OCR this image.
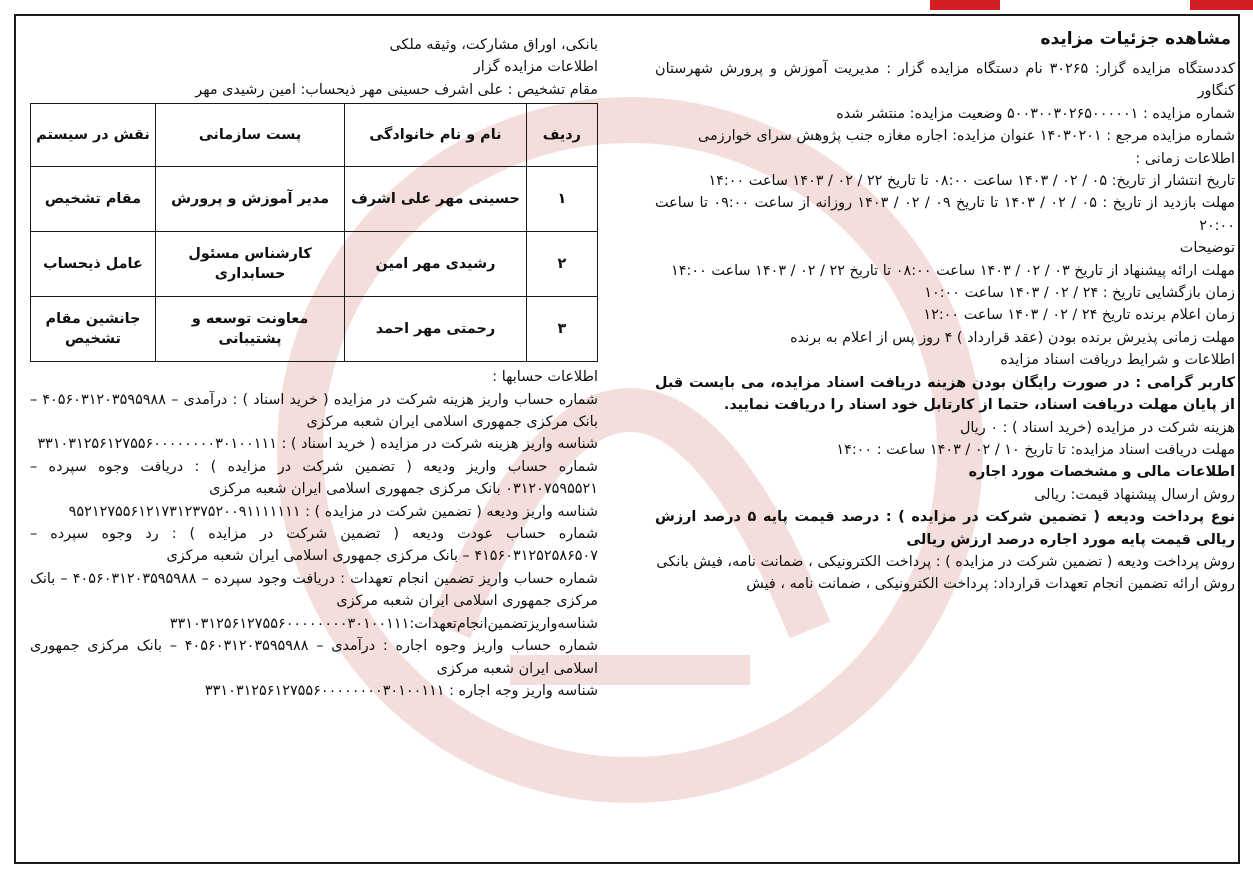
مشاهده جزئیات مزایده

کددستگاه مزایده گزار: ۳۰۲۶۵ نام دستگاه مزایده گزار : مدیریت آموزش و پرورش شهرستان کنگاور

شماره مزایده : ۵۰۰۳۰۰۳۰۲۶۵۰۰۰۰۰۱ وضعیت مزایده: منتشر شده

شماره مزایده مرجع : ۱۴۰۳۰۲۰۱ عنوان مزایده: اجاره مغازه جنب پژوهش سرای خوارزمی

اطلاعات زمانی :

تاریخ انتشار از تاریخ: ۰۵ / ۰۲ / ۱۴۰۳ ساعت ۰۸:۰۰ تا تاریخ ۲۲ / ۰۲ / ۱۴۰۳ ساعت ۱۴:۰۰

مهلت بازدید از تاریخ : ۰۵ / ۰۲ / ۱۴۰۳ تا تاریخ ۰۹ / ۰۲ / ۱۴۰۳ روزانه از ساعت ۰۹:۰۰ تا ساعت ۲۰:۰۰

توضیحات

مهلت ارائه پیشنهاد از تاریخ ۰۳ / ۰۲ / ۱۴۰۳ ساعت ۰۸:۰۰ تا تاریخ ۲۲ / ۰۲ / ۱۴۰۳ ساعت ۱۴:۰۰

زمان بازگشایی تاریخ : ۲۴ / ۰۲ / ۱۴۰۳ ساعت ۱۰:۰۰

زمان اعلام برنده تاریخ ۲۴ / ۰۲ / ۱۴۰۳ ساعت ۱۲:۰۰

مهلت زمانی پذیرش برنده بودن (عقد قرارداد ) ۴ روز پس از اعلام به برنده

اطلاعات و شرایط دریافت اسناد مزایده

کاربر گرامی : در صورت رایگان بودن هزینه دریافت اسناد مزایده، می بایست قبل از پایان مهلت دریافت اسناد، حتما از کارتابل خود اسناد را دریافت نمایید.

هزینه شرکت در مزایده (خرید اسناد ) : ۰ ریال

مهلت دریافت اسناد مزایده: تا تاریخ ۱۰ / ۰۲ / ۱۴۰۳ ساعت : ۱۴:۰۰

اطلاعات مالی و مشخصات مورد اجاره

روش ارسال پیشنهاد قیمت: ریالی

نوع پرداخت ودیعه ( تضمین شرکت در مزایده ) : درصد قیمت پایه ۵ درصد ارزش ریالی قیمت پایه مورد اجاره درصد ارزش ریالی

روش پرداخت ودیعه ( تضمین شرکت در مزایده ) : پرداخت الکترونیکی ، ضمانت نامه، فیش بانکی

روش ارائه تضمین انجام تعهدات قرارداد: پرداخت الکترونیکی ، ضمانت نامه ، فیش

بانکی، اوراق مشارکت، وثیقه ملکی

اطلاعات مزایده گزار

مقام تشخیص : علی اشرف حسینی مهر ذیحساب: امین رشیدی مهر

ردیف	نام و نام خانوادگی	پست سازمانی	نقش در سیستم
۱	حسینی مهر علی اشرف	مدیر آموزش و پرورش	مقام تشخیص
۲	رشیدی مهر امین	کارشناس مسئول حسابداری	عامل ذیحساب
۳	رحمتی مهر احمد	معاونت توسعه و پشتیبانی	جانشین مقام تشخیص

اطلاعات حسابها :

شماره حساب واریز هزینه شرکت در مزایده ( خرید اسناد ) : درآمدی – ۴۰۵۶۰۳۱۲۰۳۵۹۵۹۸۸ – بانک مرکزی جمهوری اسلامی ایران شعبه مرکزی

شناسه واریز هزینه شرکت در مزایده ( خرید اسناد ) : ۳۳۱۰۳۱۲۵۶۱۲۷۵۵۶۰۰۰۰۰۰۰۰۳۰۱۰۰۱۱۱

شماره حساب واریز ودیعه ( تضمین شرکت در مزایده ) : دریافت وجوه سپرده – ۰۳۱۲۰۷۵۹۵۵۲۱ بانک مرکزی جمهوری اسلامی ایران شعبه مرکزی

شناسه واریز ودیعه ( تضمین شرکت در مزایده ) : ۹۵۲۱۲۷۵۵۶۱۲۱۷۳۱۲۳۷۵۲۰۰۹۱۱۱۱۱۱۱

شماره حساب عودت ودیعه ( تضمین شرکت در مزایده ) : رد وجوه سپرده – ۴۱۵۶۰۳۱۲۵۲۵۸۶۵۰۷ – بانک مرکزی جمهوری اسلامی ایران شعبه مرکزی

شماره حساب واریز تضمین انجام تعهدات : دریافت وجود سپرده – ۴۰۵۶۰۳۱۲۰۳۵۹۵۹۸۸ – بانک مرکزی جمهوری اسلامی ایران شعبه مرکزی

شناسه‌واریزتضمین‌انجام‌تعهدات:۳۳۱۰۳۱۲۵۶۱۲۷۵۵۶۰۰۰۰۰۰۰۰۳۰۱۰۰۱۱۱

شماره حساب واریز وجوه اجاره : درآمدی – ۴۰۵۶۰۳۱۲۰۳۵۹۵۹۸۸ – بانک مرکزی جمهوری اسلامی ایران شعبه مرکزی

شناسه واریز وجه اجاره : ۳۳۱۰۳۱۲۵۶۱۲۷۵۵۶۰۰۰۰۰۰۰۰۳۰۱۰۰۱۱۱
